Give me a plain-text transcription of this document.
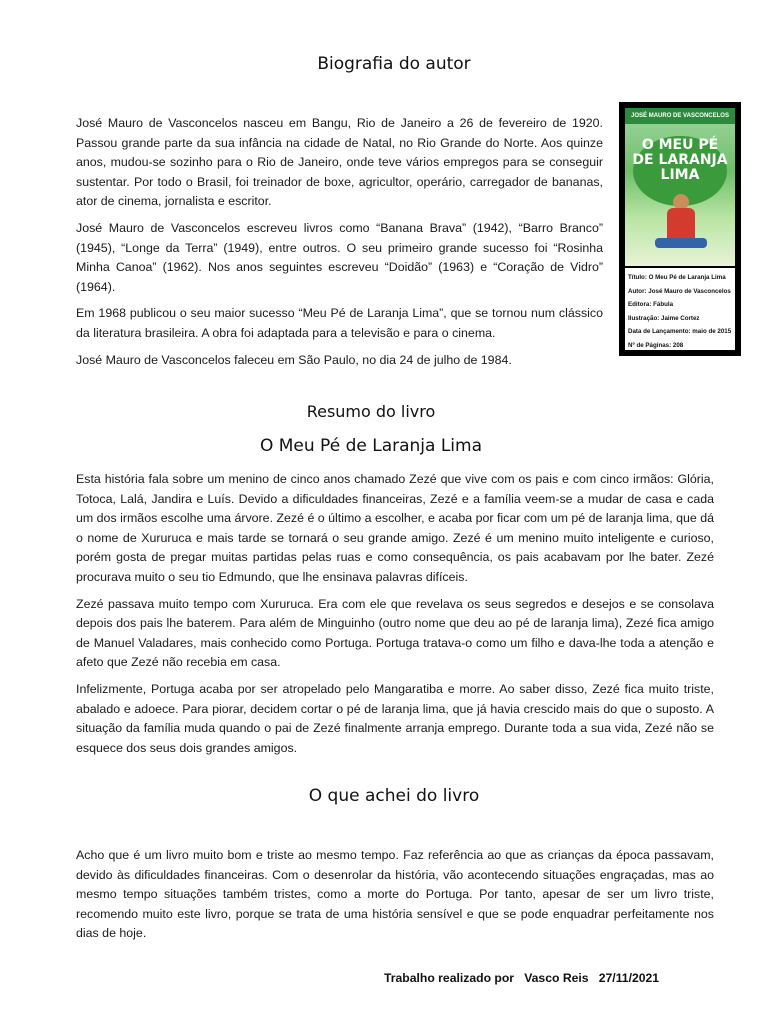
Biografia do autor

José Mauro de Vasconcelos nasceu em Bangu, Rio de Janeiro a 26 de fevereiro de 1920. Passou grande parte da sua infância na cidade de Natal, no Rio Grande do Norte. Aos quinze anos, mudou-se sozinho para o Rio de Janeiro, onde teve vários empregos para se conseguir sustentar. Por todo o Brasil, foi treinador de boxe, agricultor, operário, carregador de bananas, ator de cinema, jornalista e escritor.

José Mauro de Vasconcelos escreveu livros como “Banana Brava” (1942), “Barro Branco” (1945), “Longe da Terra” (1949), entre outros. O seu primeiro grande sucesso foi “Rosinha Minha Canoa” (1962). Nos anos seguintes escreveu “Doidão” (1963) e “Coração de Vidro” (1964).

Em 1968 publicou o seu maior sucesso “Meu Pé de Laranja Lima”, que se tornou num clássico da literatura brasileira. A obra foi adaptada para a televisão e para o cinema.

José Mauro de Vasconcelos faleceu em São Paulo, no dia 24 de julho de 1984.

JOSÉ MAURO DE VASCONCELOS
O MEU PÉ DE LARANJA LIMA
Título: O Meu Pé de Laranja Lima
Autor: José Mauro de Vasconcelos
Editora: Fábula
Ilustração: Jaime Cortez
Data de Lançamento: maio de 2015
Nº de Páginas: 208
Resumo do livro
O Meu Pé de Laranja Lima

Esta história fala sobre um menino de cinco anos chamado Zezé que vive com os pais e com cinco irmãos: Glória, Totoca, Lalá, Jandira e Luís. Devido a dificuldades financeiras, Zezé e a família veem-se a mudar de casa e cada um dos irmãos escolhe uma árvore. Zezé é o último a escolher, e acaba por ficar com um pé de laranja lima, que dá o nome de Xururuca e mais tarde se tornará o seu grande amigo. Zezé é um menino muito inteligente e curioso, porém gosta de pregar muitas partidas pelas ruas e como consequência, os pais acabavam por lhe bater. Zezé procurava muito o seu tio Edmundo, que lhe ensinava palavras difíceis.

Zezé passava muito tempo com Xururuca. Era com ele que revelava os seus segredos e desejos e se consolava depois dos pais lhe baterem. Para além de Minguinho (outro nome que deu ao pé de laranja lima), Zezé fica amigo de Manuel Valadares, mais conhecido como Portuga. Portuga tratava-o como um filho e dava-lhe toda a atenção e afeto que Zezé não recebia em casa.

Infelizmente, Portuga acaba por ser atropelado pelo Mangaratiba e morre. Ao saber disso, Zezé fica muito triste, abalado e adoece. Para piorar, decidem cortar o pé de laranja lima, que já havia crescido mais do que o suposto. A situação da família muda quando o pai de Zezé finalmente arranja emprego. Durante toda a sua vida, Zezé não se esquece dos seus dois grandes amigos.

O que achei do livro

Acho que é um livro muito bom e triste ao mesmo tempo. Faz referência ao que as crianças da época passavam, devido às dificuldades financeiras. Com o desenrolar da história, vão acontecendo situações engraçadas, mas ao mesmo tempo situações também tristes, como a morte do Portuga. Por tanto, apesar de ser um livro triste, recomendo muito este livro, porque se trata de uma história sensível e que se pode enquadrar perfeitamente nos dias de hoje.

Trabalho realizado por Vasco Reis 27/11/2021
